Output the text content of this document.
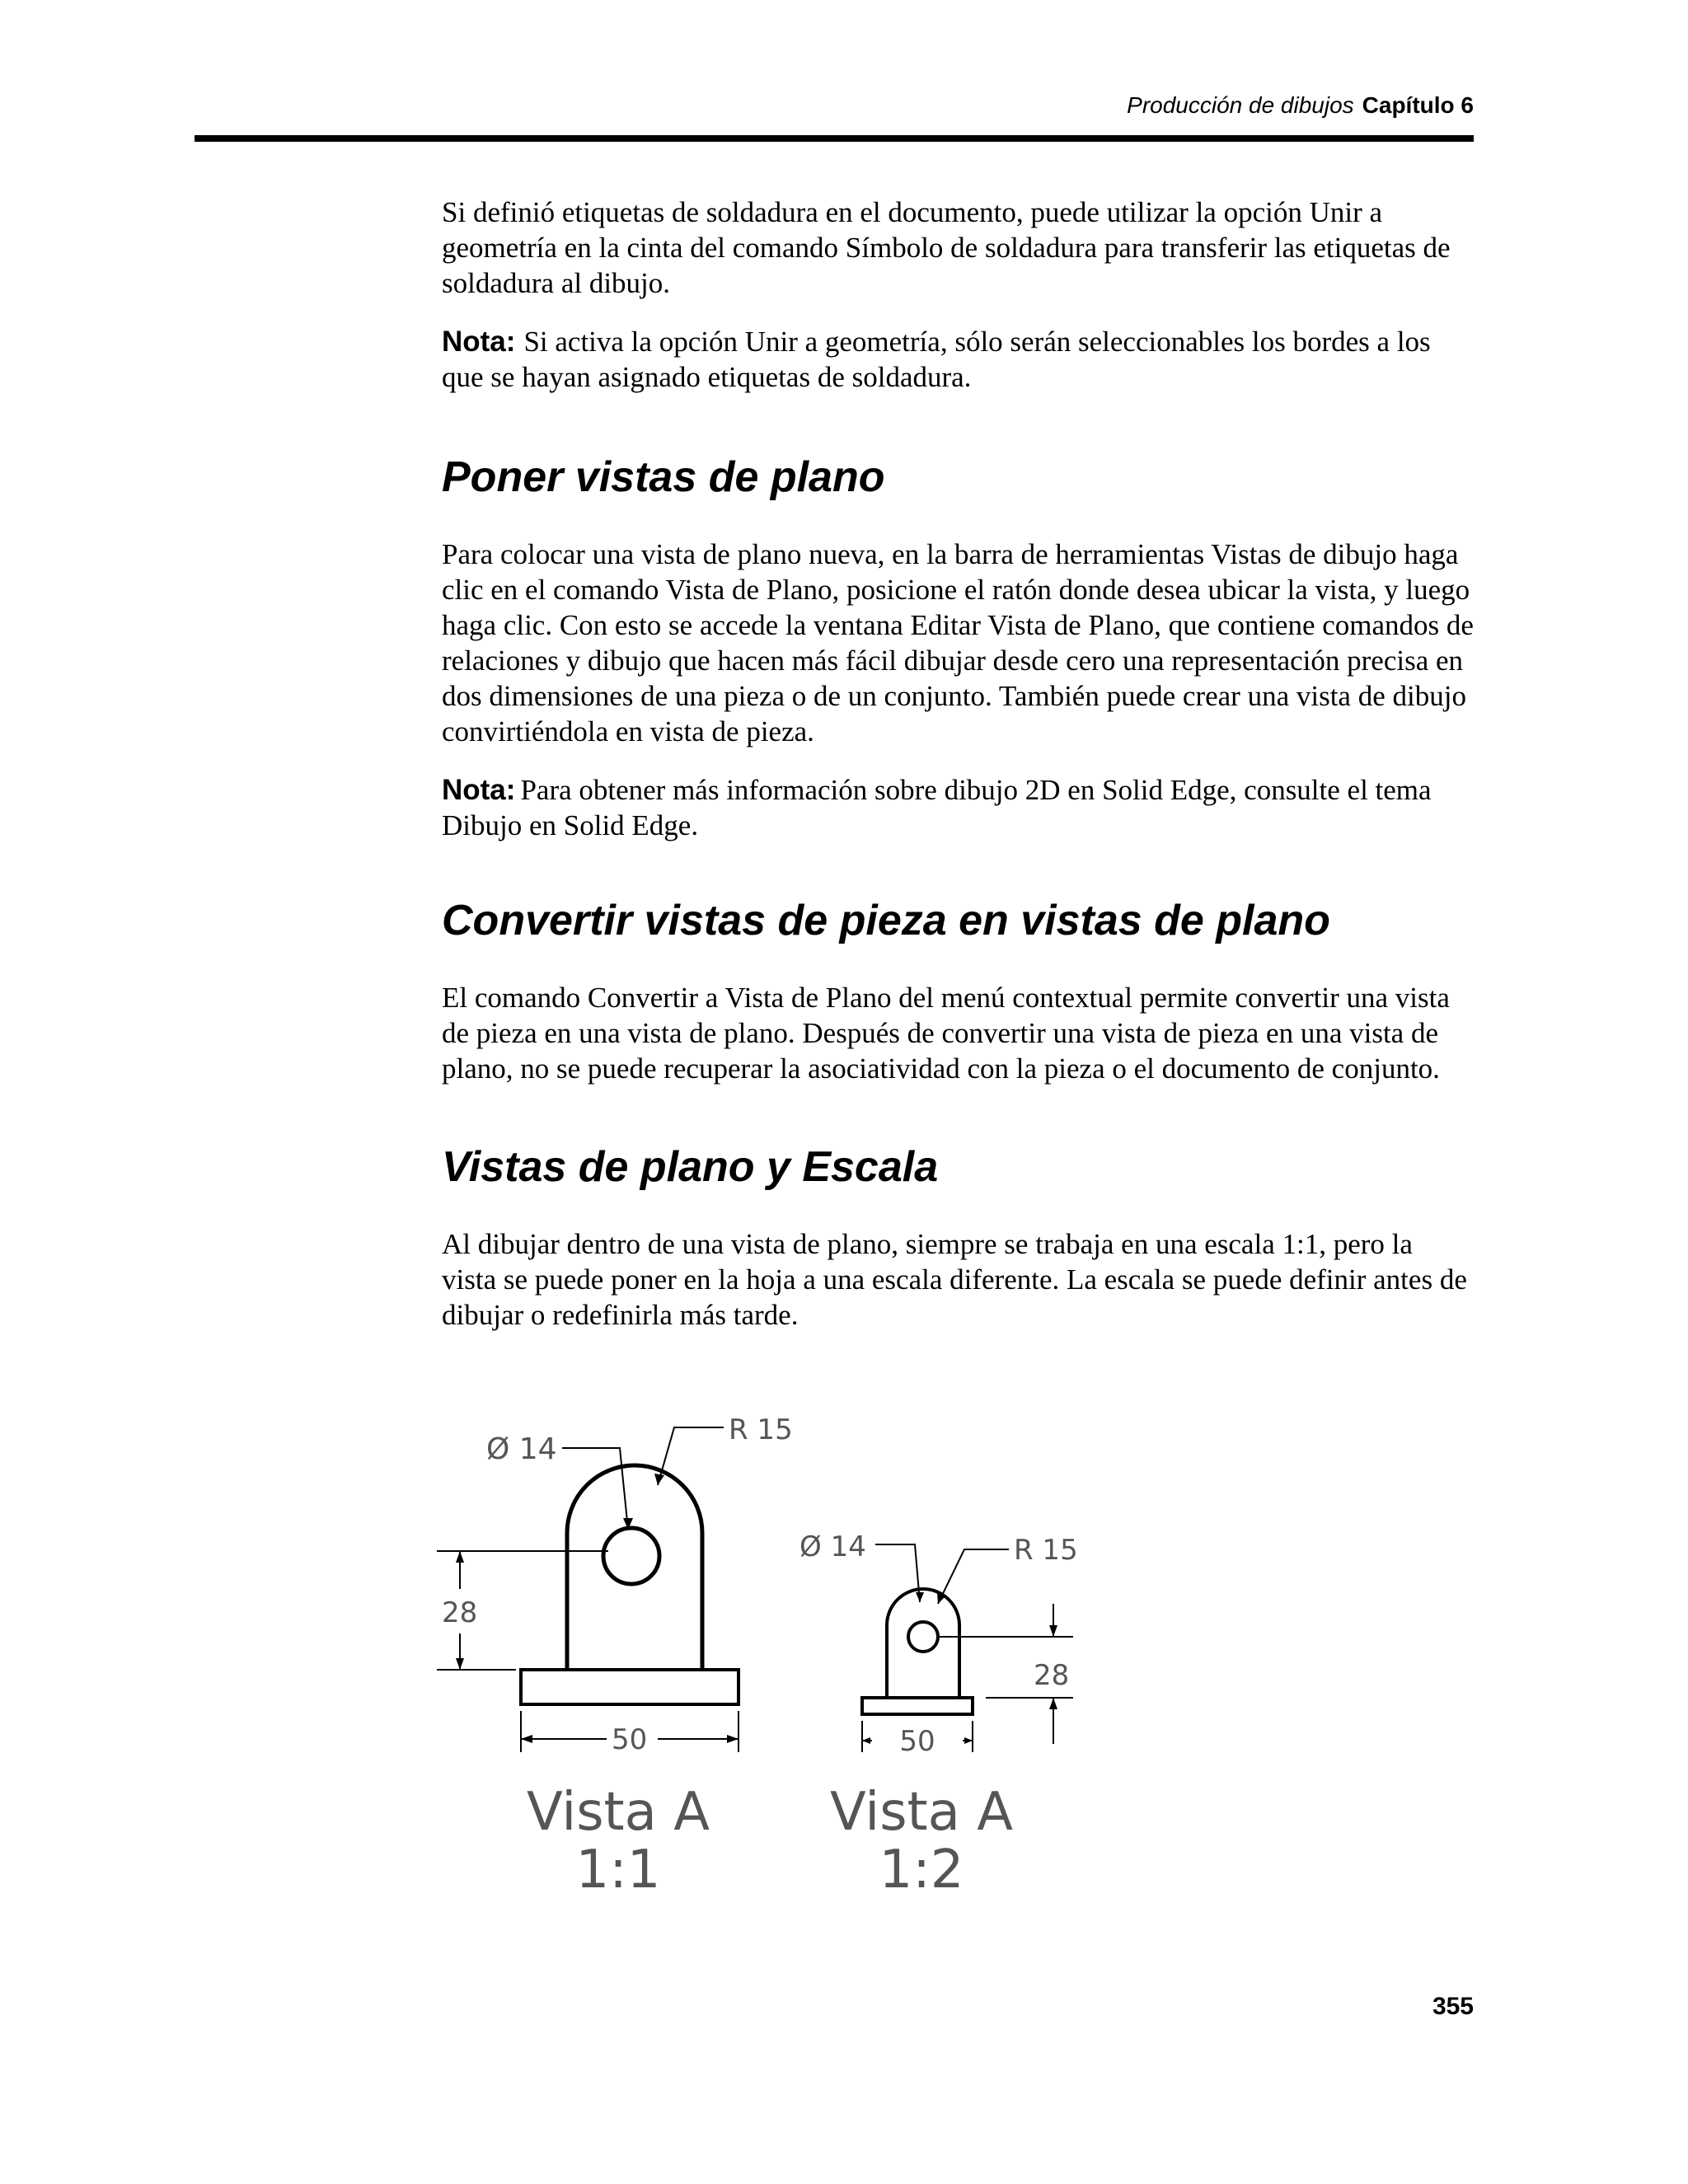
Producción de dibujos Capítulo 6

Si definió etiquetas de soldadura en el documento, puede utilizar la opción Unir a geometría en la cinta del comando Símbolo de soldadura para transferir las etiquetas de soldadura al dibujo.

Nota: Si activa la opción Unir a geometría, sólo serán seleccionables los bordes a los que se hayan asignado etiquetas de soldadura.

Poner vistas de plano

Para colocar una vista de plano nueva, en la barra de herramientas Vistas de dibujo haga clic en el comando Vista de Plano, posicione el ratón donde desea ubicar la vista, y luego haga clic. Con esto se accede la ventana Editar Vista de Plano, que contiene comandos de relaciones y dibujo que hacen más fácil dibujar desde cero una representación precisa en dos dimensiones de una pieza o de un conjunto. También puede crear una vista de dibujo convirtiéndola en vista de pieza.

Nota: Para obtener más información sobre dibujo 2D en Solid Edge, consulte el tema Dibujo en Solid Edge.

Convertir vistas de pieza en vistas de plano

El comando Convertir a Vista de Plano del menú contextual permite convertir una vista de pieza en una vista de plano. Después de convertir una vista de pieza en una vista de plano, no se puede recuperar la asociatividad con la pieza o el documento de conjunto.

Vistas de plano y Escala

Al dibujar dentro de una vista de plano, siempre se trabaja en una escala 1:1, pero la vista se puede poner en la hoja a una escala diferente. La escala se puede definir antes de dibujar o redefinirla más tarde.

Ø 14
R 15
28
50
Vista A
1:1
Ø 14	R 15
28
50
Vista A
1:2
355
